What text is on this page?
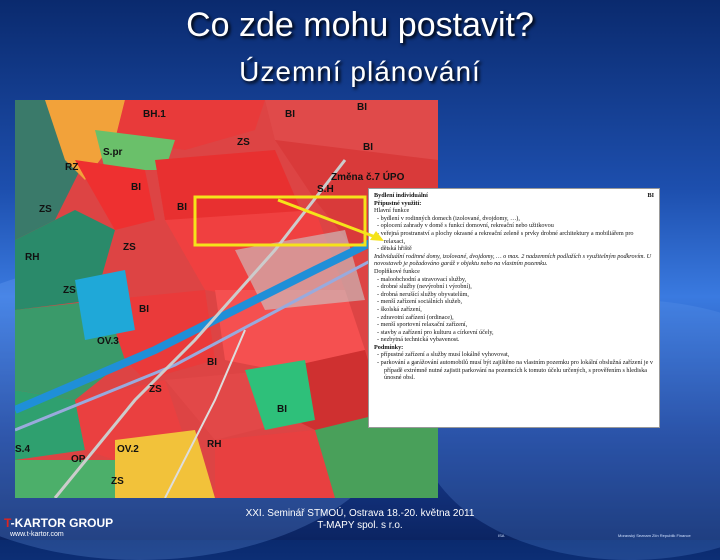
Co zde mohu postavit?
Územní plánování
BH.1	BI
BI
ZS
S.pr
RZ
BI
BI
ZS	BI
Změna č.7 ÚPO
S.H
ZS
ZS
RH
BI
OV.3
BI
ZS
OV.2	RH
OP
S.4
ZS
BI
Bydlení individuální	BI
Přípustné využití:
Hlavní funkce
- bydlení v rodinných domech (izolované, dvojdomy, …),
- oplocení zahrady v domě s funkcí domovní, rekreační nebo užitkovou
- veřejná prostranství a plochy okrasné a rekreační zeleně s prvky drobné architektury a mobiliářem pro relaxaci,
- dětská hřiště
Individuální rodinné domy, izolované, dvojdomy, … o max. 2 nadzemních podlažích s využitelným podkrovím. U novostaveb je požadováno garáž v objektu nebo na vlastním pozemku.
Doplňkové funkce
- maloobchodní a stravovací služby,
- drobné služby (nevýrobní i výrobní),
- drobná nerušící služby obyvatelům,
- menší zařízení sociálních služeb,
- školská zařízení,
- zdravotní zařízení (ordinace),
- menší sportovní relaxační zařízení,
- stavby a zařízení pro kulturu a církevní účely,
- nezbytná technická vybavenost.
Podmínky:
- přípustné zařízení a služby musí lokálně vyhovovat,
- parkování a garážování automobilů musí být zajištěno na vlastním pozemku pro lokální obslužná zařízení je v případě extrémně nutné zajistit parkování na pozemcích k tomuto účelu určených, s prověřením s hlediska únosné obsl.
XXI. Seminář STMOÚ, Ostrava 18.-20. května 2011
T-MAPY spol. s r.o.
T-KARTOR GROUP
www.t-kartor.com	ISA	Moravský Seznam Zlín Republik Finance
